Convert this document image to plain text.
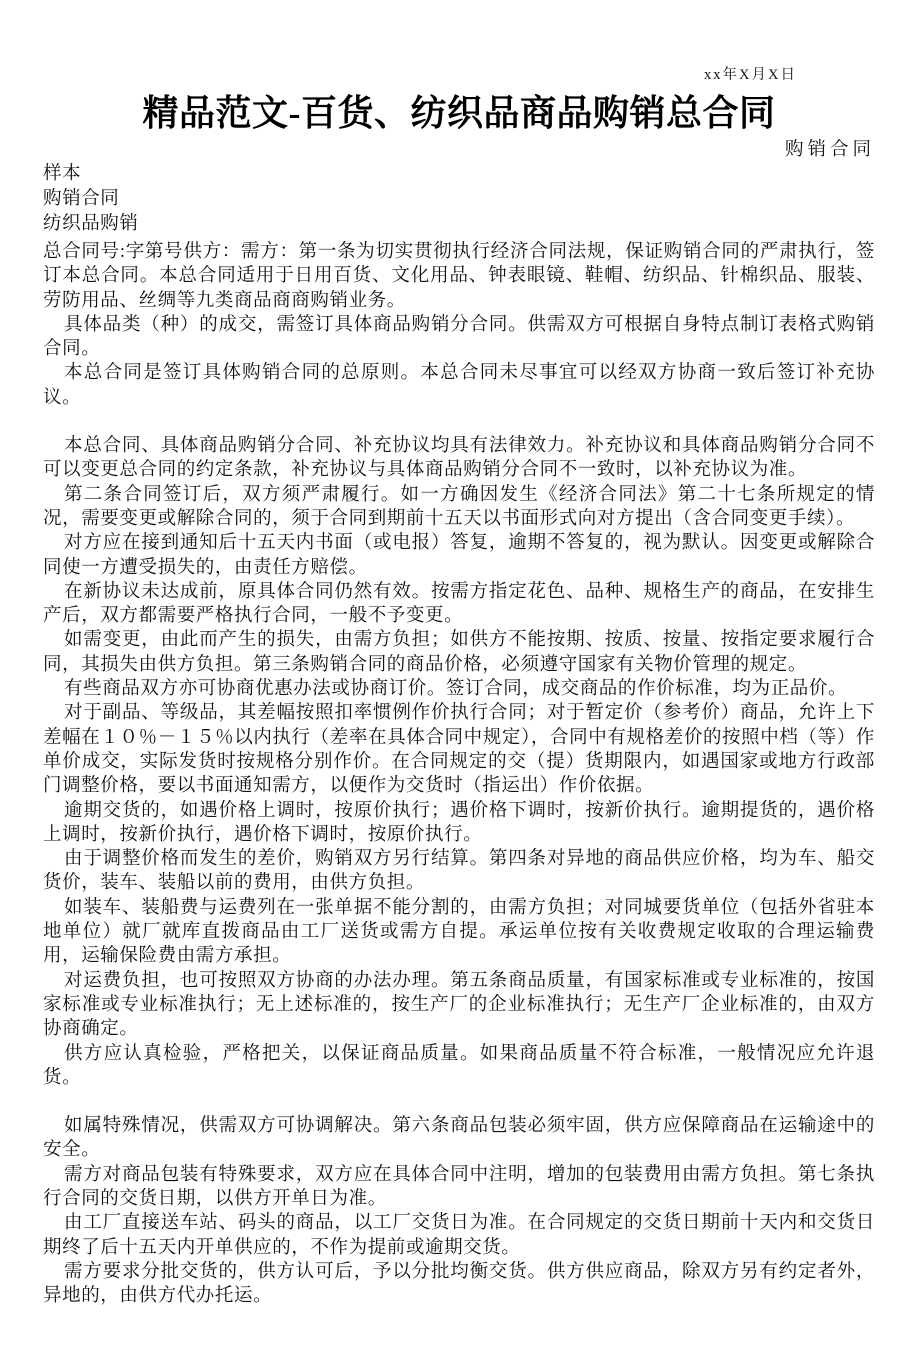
xx年X月X日
精品范文-百货、纺织品商品购销总合同
购销合同
样本
购销合同
纺织品购销

总合同号:字第号供方：需方：第一条为切实贯彻执行经济合同法规，保证购销合同的严肃执行，签订本总合同。本总合同适用于日用百货、文化用品、钟表眼镜、鞋帽、纺织品、针棉织品、服装、劳防用品、丝绸等九类商品商商购销业务。

具体品类（种）的成交，需签订具体商品购销分合同。供需双方可根据自身特点制订表格式购销合同。

本总合同是签订具体购销合同的总原则。本总合同未尽事宜可以经双方协商一致后签订补充协议。

本总合同、具体商品购销分合同、补充协议均具有法律效力。补充协议和具体商品购销分合同不可以变更总合同的约定条款，补充协议与具体商品购销分合同不一致时，以补充协议为准。

第二条合同签订后，双方须严肃履行。如一方确因发生《经济合同法》第二十七条所规定的情况，需要变更或解除合同的，须于合同到期前十五天以书面形式向对方提出（含合同变更手续）。

对方应在接到通知后十五天内书面（或电报）答复，逾期不答复的，视为默认。因变更或解除合同使一方遭受损失的，由责任方赔偿。

在新协议未达成前，原具体合同仍然有效。按需方指定花色、品种、规格生产的商品，在安排生产后，双方都需要严格执行合同，一般不予变更。

如需变更，由此而产生的损失，由需方负担；如供方不能按期、按质、按量、按指定要求履行合同，其损失由供方负担。第三条购销合同的商品价格，必须遵守国家有关物价管理的规定。

有些商品双方亦可协商优惠办法或协商订价。签订合同，成交商品的作价标准，均为正品价。

对于副品、等级品，其差幅按照扣率惯例作价执行合同；对于暂定价（参考价）商品，允许上下差幅在１０％－１５％以内执行（差率在具体合同中规定），合同中有规格差价的按照中档（等）作单价成交，实际发货时按规格分别作价。在合同规定的交（提）货期限内，如遇国家或地方行政部门调整价格，要以书面通知需方，以便作为交货时（指运出）作价依据。

逾期交货的，如遇价格上调时，按原价执行；遇价格下调时，按新价执行。逾期提货的，遇价格上调时，按新价执行，遇价格下调时，按原价执行。

由于调整价格而发生的差价，购销双方另行结算。第四条对异地的商品供应价格，均为车、船交货价，装车、装船以前的费用，由供方负担。

如装车、装船费与运费列在一张单据不能分割的，由需方负担；对同城要货单位（包括外省驻本地单位）就厂就库直拨商品由工厂送货或需方自提。承运单位按有关收费规定收取的合理运输费用，运输保险费由需方承担。

对运费负担，也可按照双方协商的办法办理。第五条商品质量，有国家标准或专业标准的，按国家标准或专业标准执行；无上述标准的，按生产厂的企业标准执行；无生产厂企业标准的，由双方协商确定。

供方应认真检验，严格把关，以保证商品质量。如果商品质量不符合标准，一般情况应允许退货。

如属特殊情况，供需双方可协调解决。第六条商品包装必须牢固，供方应保障商品在运输途中的安全。

需方对商品包装有特殊要求，双方应在具体合同中注明，增加的包装费用由需方负担。第七条执行合同的交货日期，以供方开单日为准。

由工厂直接送车站、码头的商品，以工厂交货日为准。在合同规定的交货日期前十天内和交货日期终了后十五天内开单供应的，不作为提前或逾期交货。

需方要求分批交货的，供方认可后，予以分批均衡交货。供方供应商品，除双方另有约定者外，异地的，由供方代办托运。
